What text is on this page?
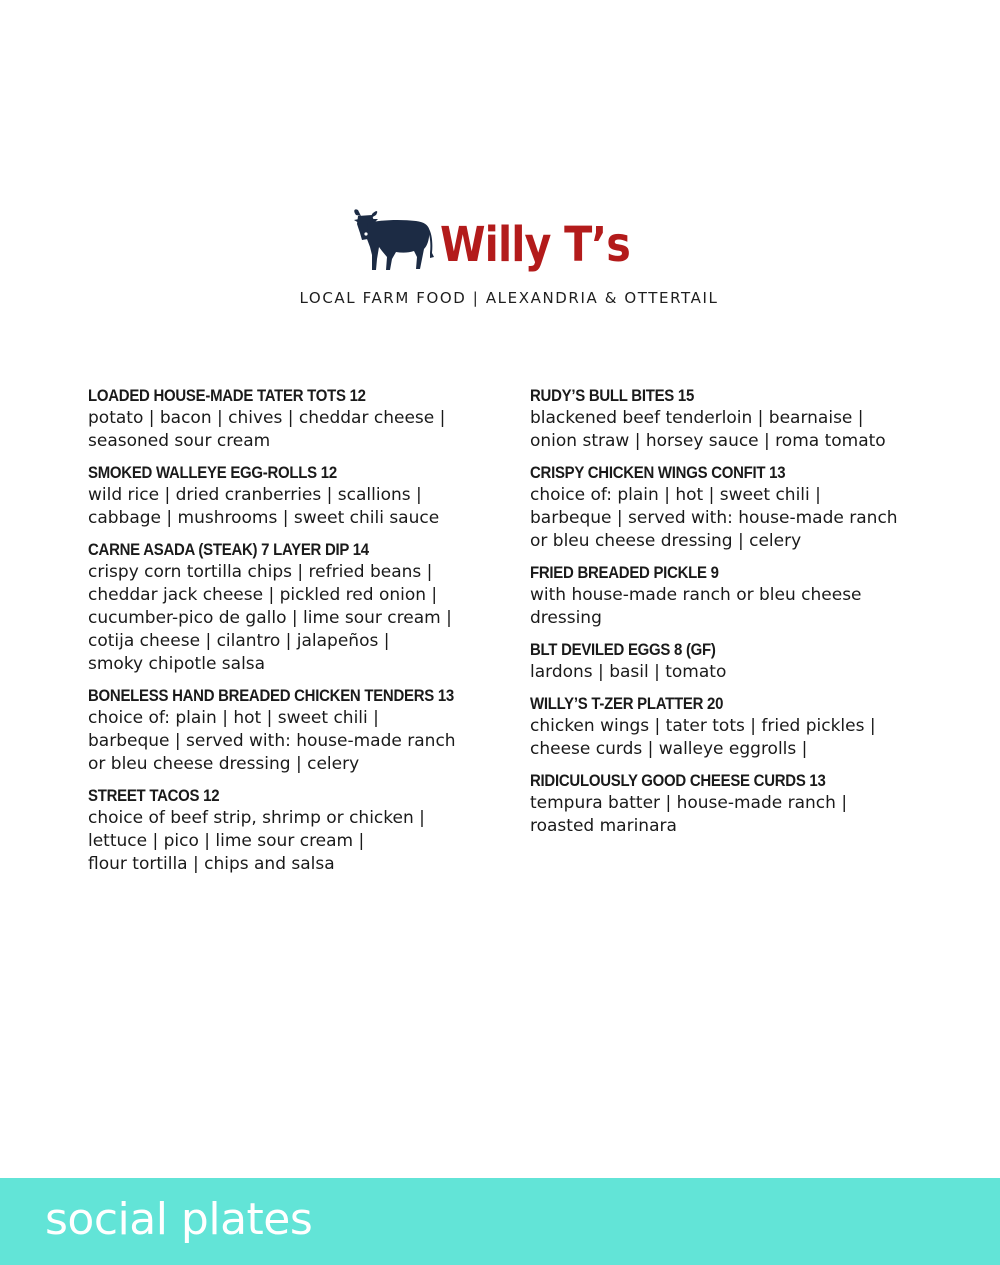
Willy T’s
LOCAL FARM FOOD | ALEXANDRIA & OTTERTAIL
LOADED HOUSE-MADE TATER TOTS 12
potato | bacon | chives | cheddar cheese |
seasoned sour cream
SMOKED WALLEYE EGG-ROLLS 12
wild rice | dried cranberries | scallions |
cabbage | mushrooms | sweet chili sauce
CARNE ASADA (STEAK) 7 LAYER DIP 14
crispy corn tortilla chips | refried beans |
cheddar jack cheese | pickled red onion |
cucumber-pico de gallo | lime sour cream |
cotija cheese | cilantro | jalapeños |
smoky chipotle salsa
BONELESS HAND BREADED CHICKEN TENDERS 13
choice of: plain | hot | sweet chili |
barbeque | served with: house-made ranch
or bleu cheese dressing | celery
STREET TACOS 12
choice of beef strip, shrimp or chicken |
lettuce | pico | lime sour cream |
flour tortilla | chips and salsa
RUDY’S BULL BITES 15
blackened beef tenderloin | bearnaise |
onion straw | horsey sauce | roma tomato
CRISPY CHICKEN WINGS CONFIT 13
choice of: plain | hot | sweet chili |
barbeque | served with: house-made ranch
or bleu cheese dressing | celery
FRIED BREADED PICKLE 9
with house-made ranch or bleu cheese
dressing
BLT DEVILED EGGS 8 (GF)
lardons | basil | tomato
WILLY’S T-ZER PLATTER 20
chicken wings | tater tots | fried pickles |
cheese curds | walleye eggrolls |
RIDICULOUSLY GOOD CHEESE CURDS 13
tempura batter | house-made ranch |
roasted marinara
social plates
